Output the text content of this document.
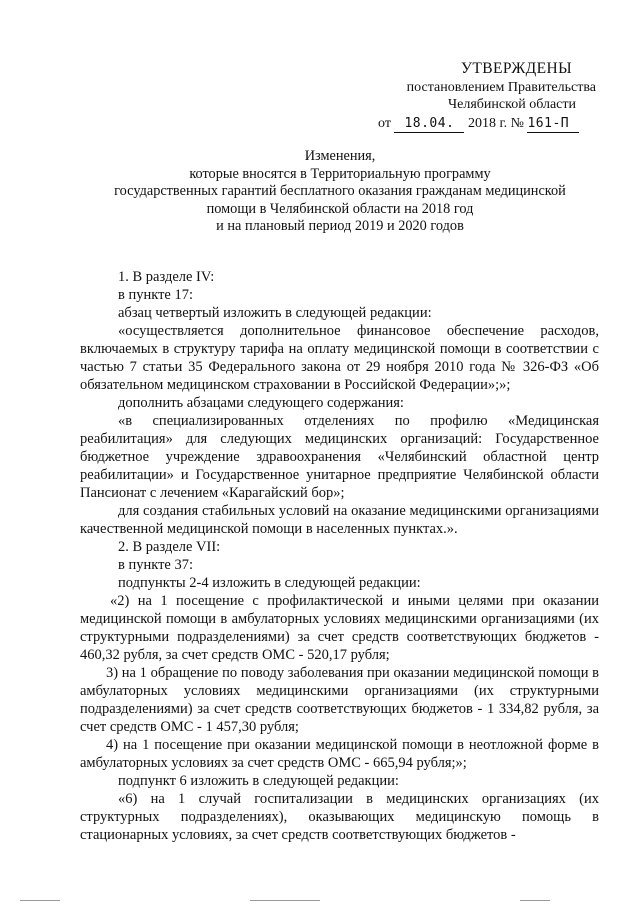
УТВЕРЖДЕНЫ
постановлением Правительства
Челябинской области
от 18.04. 2018 г. № 161-П
Изменения,
которые вносятся в Территориальную программу
государственных гарантий бесплатного оказания гражданам медицинской
помощи в Челябинской области на 2018 год
и на плановый период 2019 и 2020 годов

1. В разделе IV:

в пункте 17:

абзац четвертый изложить в следующей редакции:

«осуществляется дополнительное финансовое обеспечение расходов, включаемых в структуру тарифа на оплату медицинской помощи в соответствии с частью 7 статьи 35 Федерального закона от 29 ноября 2010 года № 326-ФЗ «Об обязательном медицинском страховании в Российской Федерации»;»;

дополнить абзацами следующего содержания:

«в специализированных отделениях по профилю «Медицинская реабилитация» для следующих медицинских организаций: Государственное бюджетное учреждение здравоохранения «Челябинский областной центр реабилитации» и Государственное унитарное предприятие Челябинской области Пансионат с лечением «Карагайский бор»;

для создания стабильных условий на оказание медицинскими организациями качественной медицинской помощи в населенных пунктах.».

2. В разделе VII:

в пункте 37:

подпункты 2-4 изложить в следующей редакции:

«2) на 1 посещение с профилактической и иными целями при оказании медицинской помощи в амбулаторных условиях медицинскими организациями (их структурными подразделениями) за счет средств соответствующих бюджетов - 460,32 рубля, за счет средств ОМС - 520,17 рубля;

3) на 1 обращение по поводу заболевания при оказании медицинской помощи в амбулаторных условиях медицинскими организациями (их структурными подразделениями) за счет средств соответствующих бюджетов - 1 334,82 рубля, за счет средств ОМС - 1 457,30 рубля;

4) на 1 посещение при оказании медицинской помощи в неотложной форме в амбулаторных условиях за счет средств ОМС - 665,94 рубля;»;

подпункт 6 изложить в следующей редакции:

«6) на 1 случай госпитализации в медицинских организациях (их структурных подразделениях), оказывающих медицинскую помощь в стационарных условиях, за счет средств соответствующих бюджетов -
